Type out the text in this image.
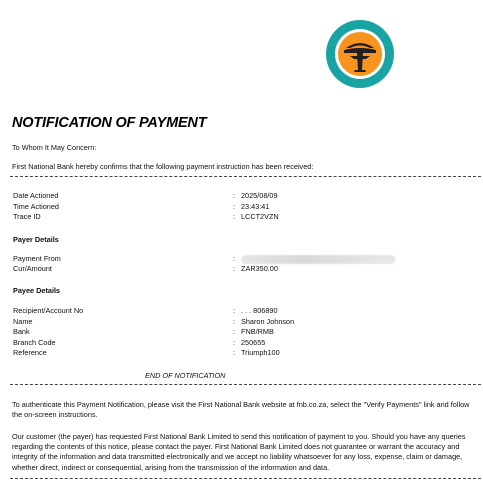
NOTIFICATION OF PAYMENT
To Whom It May Concern:
First National Bank hereby confirms that the following payment instruction has been received:
Date Actioned	: 2025/08/09
Time Actioned	: 23:43:41
Trace ID	: LCCT2VZN
Payer Details
Payment From	:
Cur/Amount	: ZAR350.00
Payee Details
Recipient/Account No	: . . . 806890
Name	: Sharon Johnson
Bank	: FNB/RMB
Branch Code	: 250655
Reference	: Triumph100
END OF NOTIFICATION
To authenticate this Payment Notification, please visit the First National Bank website at fnb.co.za, select the "Verify Payments" link and follow
the on-screen instructions.
Our customer (the payer) has requested First National Bank Limited to send this notification of payment to you. Should you have any queries
regarding the contents of this notice, please contact the payer. First National Bank Limited does not guarantee or warrant the accuracy and
integrity of the information and data transmitted electronically and we accept no liability whatsoever for any loss, expense, claim or damage,
whether direct, indirect or consequential, arising from the transmission of the information and data.
